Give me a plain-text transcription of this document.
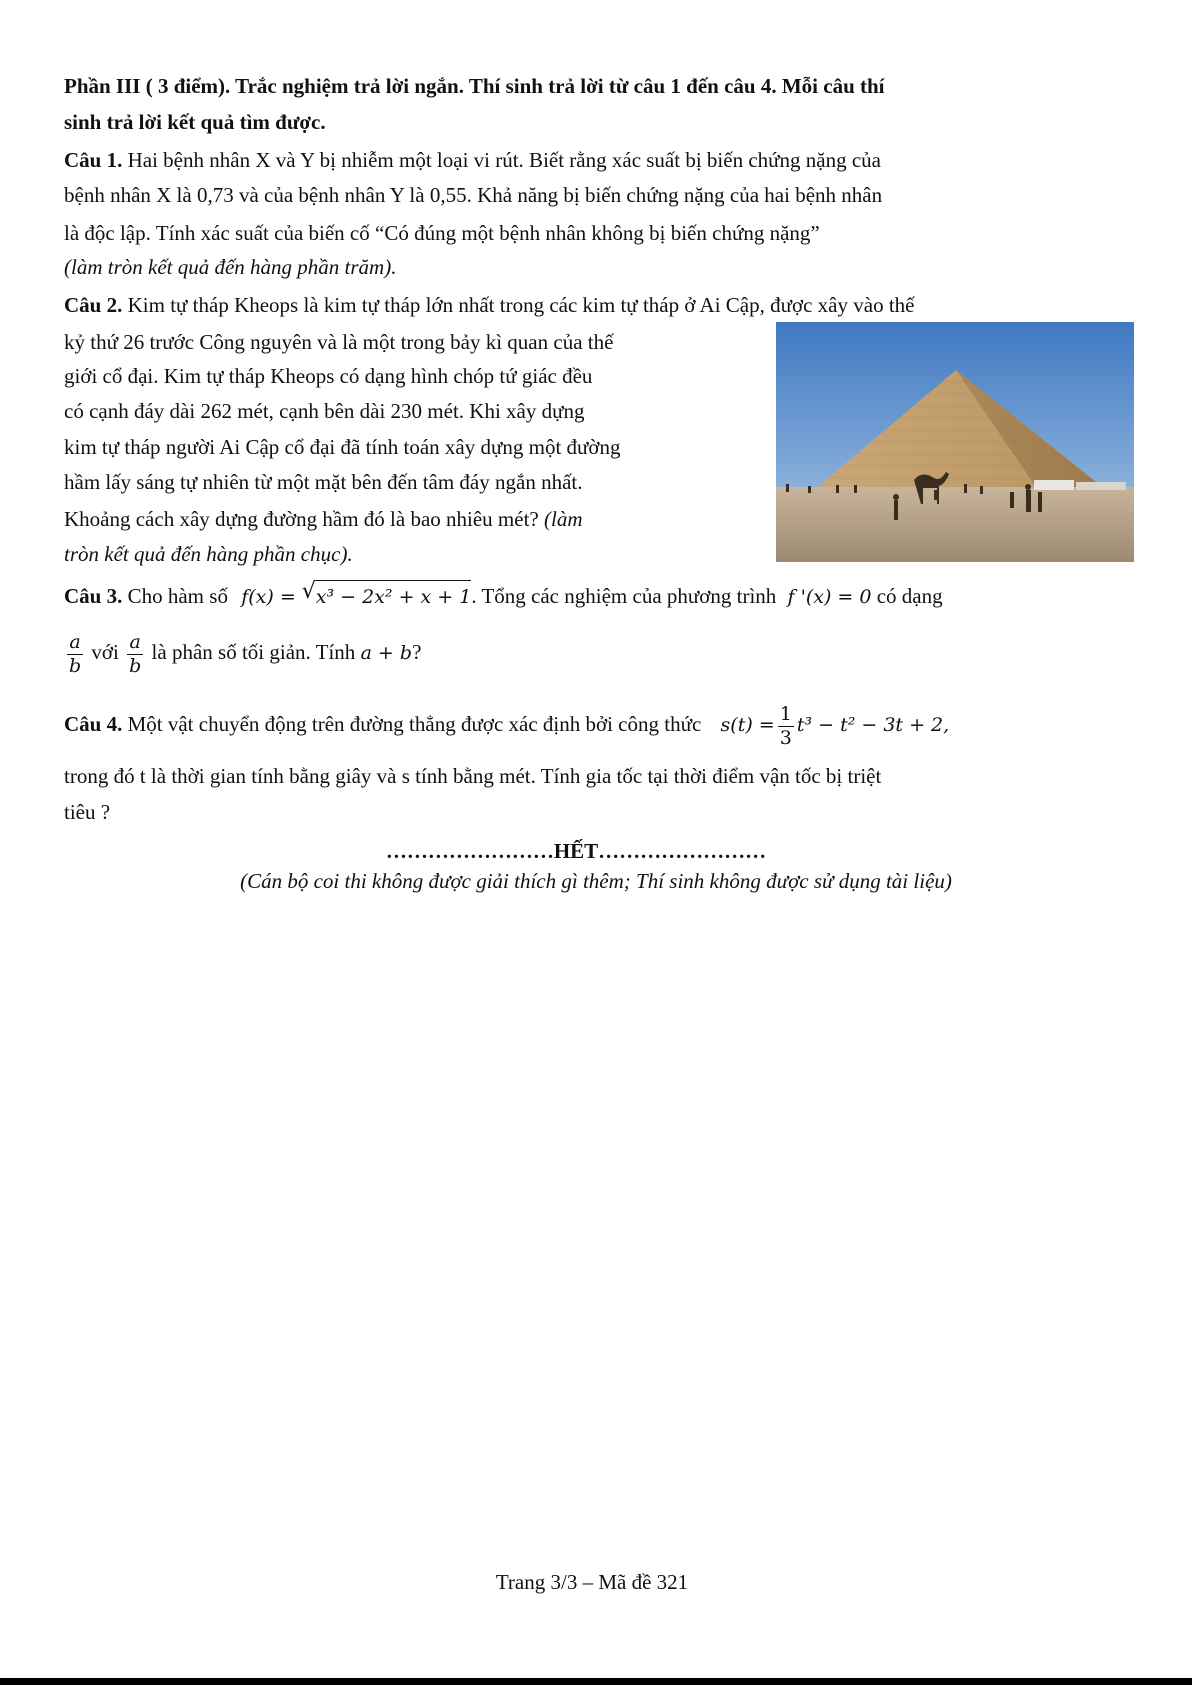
Phần III ( 3 điểm). Trắc nghiệm trả lời ngắn. Thí sinh trả lời từ câu 1 đến câu 4. Mỗi câu thí
sinh trả lời kết quả tìm được.
Câu 1. Hai bệnh nhân X và Y bị nhiễm một loại vi rút. Biết rằng xác suất bị biến chứng nặng của
bệnh nhân X là 0,73 và của bệnh nhân Y là 0,55. Khả năng bị biến chứng nặng của hai bệnh nhân
là độc lập. Tính xác suất của biến cố “Có đúng một bệnh nhân không bị biến chứng nặng”
(làm tròn kết quả đến hàng phần trăm).
Câu 2. Kim tự tháp Kheops là kim tự tháp lớn nhất trong các kim tự tháp ở Ai Cập, được xây vào thế
kỷ thứ 26 trước Công nguyên và là một trong bảy kì quan của thế
giới cổ đại. Kim tự tháp Kheops có dạng hình chóp tứ giác đều
có cạnh đáy dài 262 mét, cạnh bên dài 230 mét. Khi xây dựng
kim tự tháp người Ai Cập cổ đại đã tính toán xây dựng một đường
hầm lấy sáng tự nhiên từ một mặt bên đến tâm đáy ngắn nhất.
Khoảng cách xây dựng đường hầm đó là bao nhiêu mét? (làm
tròn kết quả đến hàng phần chục).
Câu 3. Cho hàm số f(x) = √ x³ − 2x² + x + 1. Tổng các nghiệm của phương trình f '(x) = 0 có dạng
$\frac{a}{b}$ với $\frac{a}{b}$ là phân số tối giản. Tính a + b?
Câu 4. Một vật chuyển động trên đường thẳng được xác định bởi công thức $s(t) = \frac{1}{3} t^3 - t^2 - 3t + 2$,
trong đó t là thời gian tính bằng giây và s tính bằng mét. Tính gia tốc tại thời điểm vận tốc bị triệt
tiêu ?
……………………HẾT……………………
(Cán bộ coi thi không được giải thích gì thêm; Thí sinh không được sử dụng tài liệu)
Trang 3/3 – Mã đề 321
